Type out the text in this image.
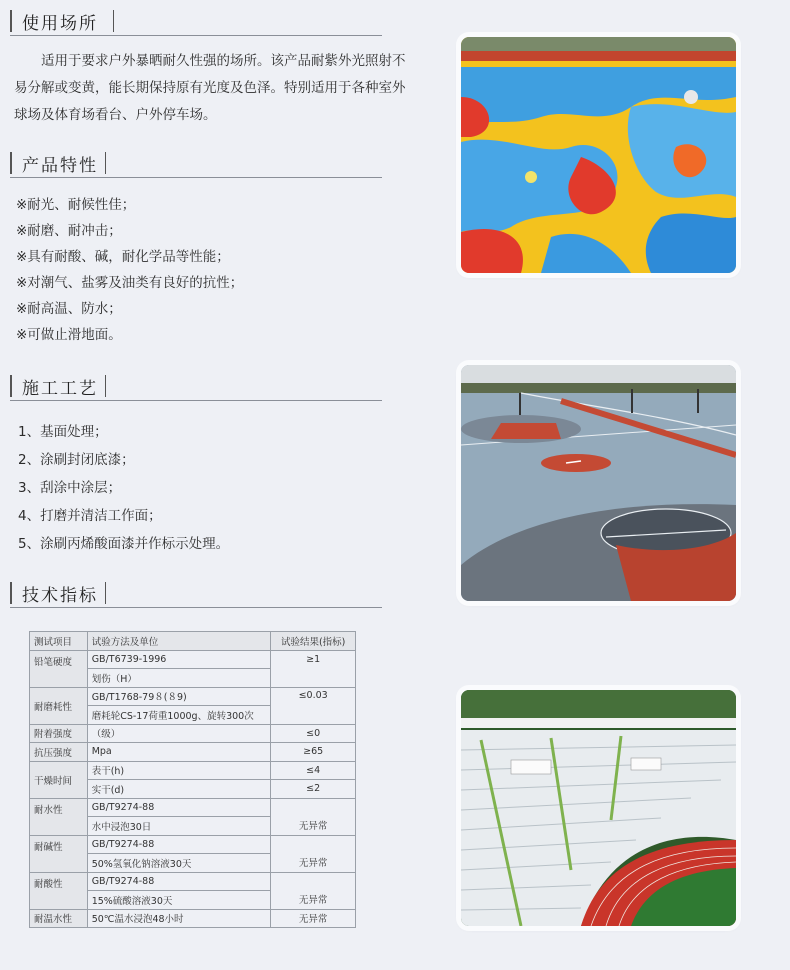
使用场所
　　适用于要求户外暴晒耐久性强的场所。该产品耐紫外光照射不易分解或变黄，能长期保持原有光度及色泽。特别适用于各种室外球场及体育场看台、户外停车场。
产品特性
※耐光、耐候性佳；
※耐磨、耐冲击；
※具有耐酸、碱，耐化学品等性能；
※对潮气、盐雾及油类有良好的抗性；
※耐高温、防水；
※可做止滑地面。
施工工艺
1、基面处理；
2、涂刷封闭底漆；
3、刮涂中涂层；
4、打磨并清洁工作面；
5、涂刷丙烯酸面漆并作标示处理。
技术指标
测试项目	试验方法及单位	试验结果(指标)
铅笔硬度	GB/T6739-1996	≥1
	划伤（H）	
耐磨耗性	GB/T1768-79８(８9)	≤0.03
	磨耗轮CS-17荷重1000g、旋转300次	
附着强度	（级）	≤0
抗压强度	Mpa	≥65
干燥时间	表干(h)	≤4
	实干(d)	≤2
耐水性	GB/T9274-88	无异常
	水中浸泡30日	
耐碱性	GB/T9274-88	无异常
	50%氢氧化钠溶液30天	
耐酸性	GB/T9274-88	无异常
	15%硫酸溶液30天	
耐温水性	50℃温水浸泡48小时	无异常
